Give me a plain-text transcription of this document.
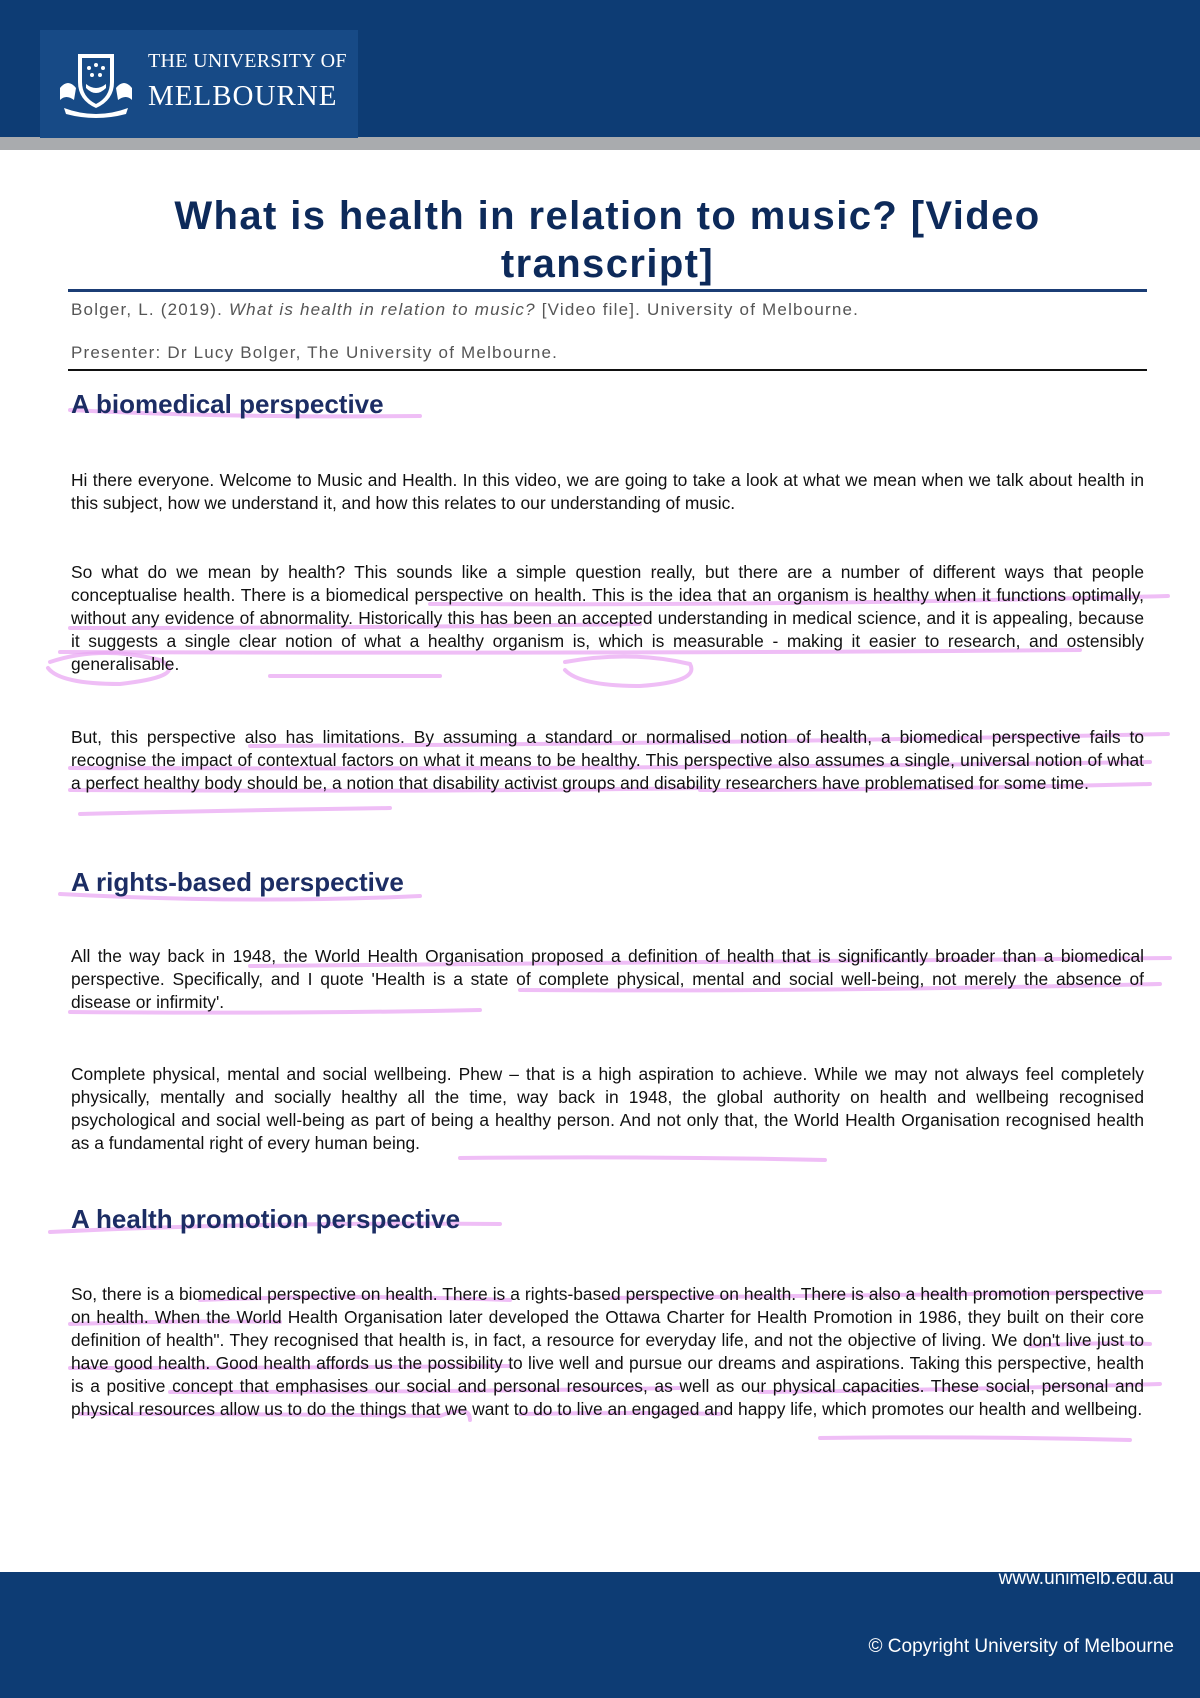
THE UNIVERSITY OF
MELBOURNE
What is health in relation to music? [Video transcript]
Bolger, L. (2019). What is health in relation to music? [Video file]. University of Melbourne.
Presenter: Dr Lucy Bolger, The University of Melbourne.
A biomedical perspective

Hi there everyone. Welcome to Music and Health. In this video, we are going to take a look at what we mean when we talk about health in this subject, how we understand it, and how this relates to our understanding of music.

So what do we mean by health? This sounds like a simple question really, but there are a number of different ways that people conceptualise health. There is a biomedical perspective on health. This is the idea that an organism is healthy when it functions optimally, without any evidence of abnormality. Historically this has been an accepted understanding in medical science, and it is appealing, because it suggests a single clear notion of what a healthy organism is, which is measurable - making it easier to research, and ostensibly generalisable.

But, this perspective also has limitations. By assuming a standard or normalised notion of health, a biomedical perspective fails to recognise the impact of contextual factors on what it means to be healthy. This perspective also assumes a single, universal notion of what a perfect healthy body should be, a notion that disability activist groups and disability researchers have problematised for some time.

A rights-based perspective

All the way back in 1948, the World Health Organisation proposed a definition of health that is significantly broader than a biomedical perspective. Specifically, and I quote 'Health is a state of complete physical, mental and social well-being, not merely the absence of disease or infirmity'.

Complete physical, mental and social wellbeing. Phew – that is a high aspiration to achieve. While we may not always feel completely physically, mentally and socially healthy all the time, way back in 1948, the global authority on health and wellbeing recognised psychological and social well-being as part of being a healthy person. And not only that, the World Health Organisation recognised health as a fundamental right of every human being.

A health promotion perspective

So, there is a biomedical perspective on health. There is a rights-based perspective on health. There is also a health promotion perspective on health. When the World Health Organisation later developed the Ottawa Charter for Health Promotion in 1986, they built on their core definition of health". They recognised that health is, in fact, a resource for everyday life, and not the objective of living. We don't live just to have good health. Good health affords us the possibility to live well and pursue our dreams and aspirations. Taking this perspective, health is a positive concept that emphasises our social and personal resources, as well as our physical capacities. These social, personal and physical resources allow us to do the things that we want to do to live an engaged and happy life, which promotes our health and wellbeing.

www.unimelb.edu.au
© Copyright University of Melbourne
